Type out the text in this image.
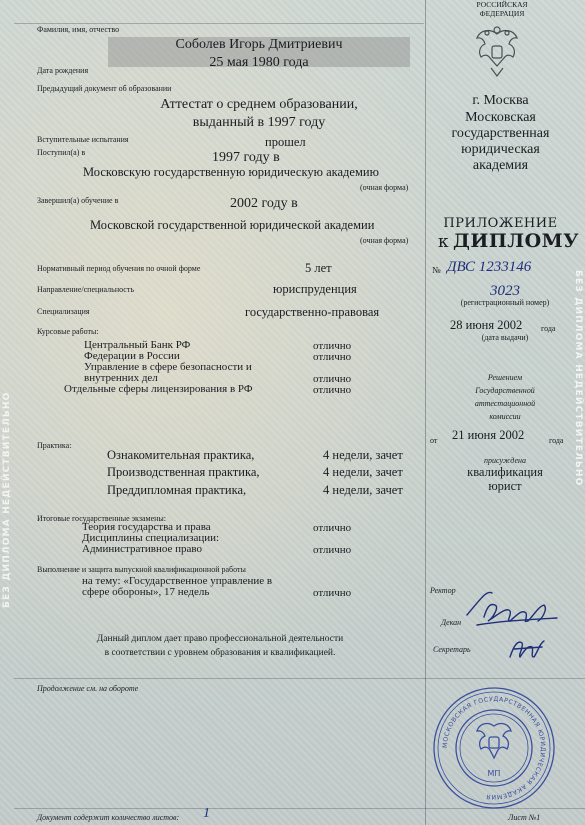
БЕЗ ДИПЛОМА НЕДЕЙСТВИТЕЛЬНО
БЕЗ ДИПЛОМА НЕДЕЙСТВИТЕЛЬНО
РОССИЙСКАЯ
ФЕДЕРАЦИЯ
Фамилия, имя, отчество
Соболев Игорь Дмитриевич
25 мая 1980 года
Дата рождения
Предыдущий документ об образовании
Аттестат о среднем образовании,
выданный в 1997 году
Вступительные испытания	прошел
Поступил(а) в	1997 году в
Московскую государственную юридическую академию
(очная форма)
Завершил(а) обучение в	2002 году в
Московской государственной юридической академии
(очная форма)
Нормативный период обучения по очной форме	5 лет
Направление/специальность	юриспруденция
Специализация	государственно-правовая
Курсовые работы:
Центральный Банк РФ	отлично
Федерации в России	отлично
Управление в сфере безопасности и
внутренних дел	отлично
Отдельные сферы лицензирования в РФ	отлично
Практика:
Ознакомительная практика,	4 недели, зачет
Производственная практика,	4 недели, зачет
Преддипломная практика,	4 недели, зачет
Итоговые государственные экзамены:
Теория государства и права	отлично
Дисциплины специализации:
Административное право	отлично
Выполнение и защита выпускной квалификационной работы
на тему: «Государственное управление в
сфере обороны», 17 недель	отлично
Данный диплом дает право профессиональной деятельности
в соответствии с уровнем образования и квалификацией.
Продолжение см. на обороте
Документ содержит количество листов: 1	Лист №1
г. Москва
Московская
государственная
юридическая
академия
ПРИЛОЖЕНИЕ
к ДИПЛОМУ
№ ДВС 1233146
3023
(регистрационный номер)
28 июня 2002 года
(дата выдачи)
Решением
Государственной
аттестационной
комиссии
от 21 июня 2002	года
присуждена
квалификация
юрист
Ректор
Декан
Секретарь
МП
МОСКОВСКАЯ ГОСУДАРСТВЕННАЯ ЮРИДИЧЕСКАЯ АКАДЕМИЯ
